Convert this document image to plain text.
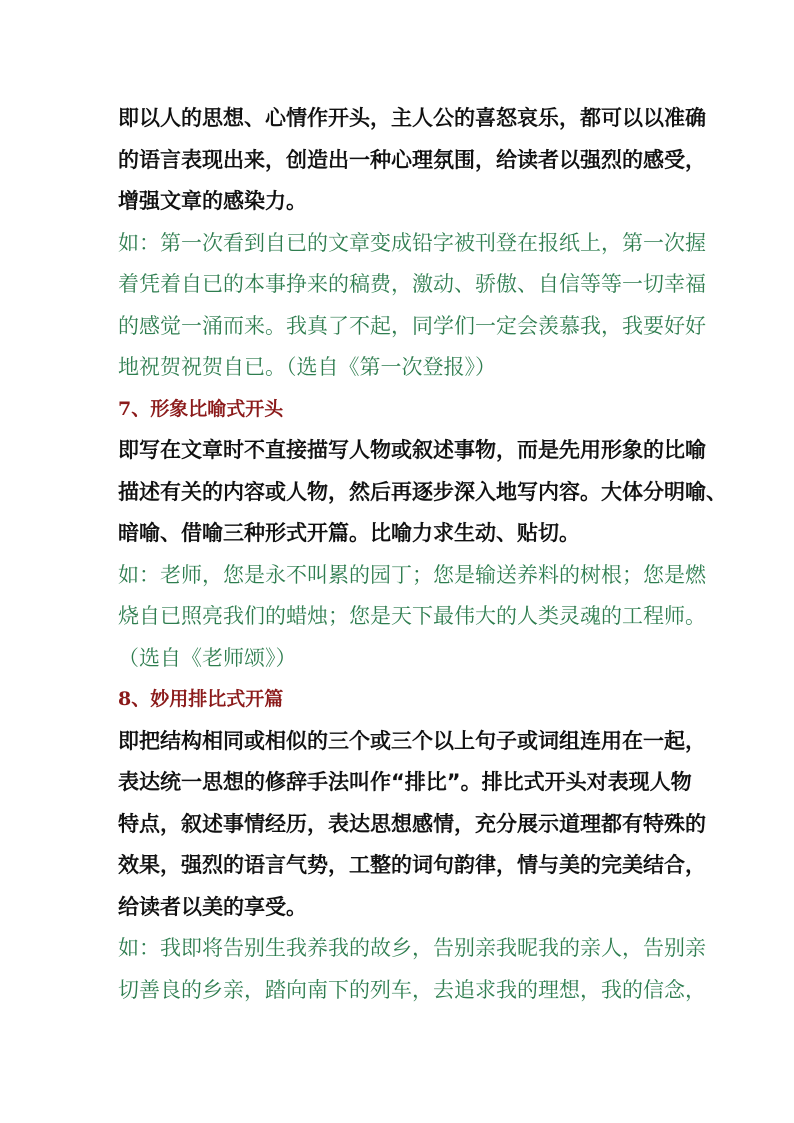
即以人的思想、心情作开头，主人公的喜怒哀乐，都可以以准确

的语言表现出来，创造出一种心理氛围，给读者以强烈的感受，

增强文章的感染力。

如：第一次看到自已的文章变成铅字被刊登在报纸上，第一次握

着凭着自已的本事挣来的稿费，激动、骄傲、自信等等一切幸福

的感觉一涌而来。我真了不起，同学们一定会羡慕我，我要好好

地祝贺祝贺自已。（选自《第一次登报》）

7、形象比喻式开头

即写在文章时不直接描写人物或叙述事物，而是先用形象的比喻

描述有关的内容或人物，然后再逐步深入地写内容。大体分明喻、

暗喻、借喻三种形式开篇。比喻力求生动、贴切。

如：老师，您是永不叫累的园丁；您是输送养料的树根；您是燃

烧自已照亮我们的蜡烛；您是天下最伟大的人类灵魂的工程师。

（选自《老师颂》）

8、妙用排比式开篇

即把结构相同或相似的三个或三个以上句子或词组连用在一起，

表达统一思想的修辞手法叫作“排比”。排比式开头对表现人物

特点，叙述事情经历，表达思想感情，充分展示道理都有特殊的

效果，强烈的语言气势，工整的词句韵律，情与美的完美结合，

给读者以美的享受。

如：我即将告别生我养我的故乡，告别亲我昵我的亲人，告别亲

切善良的乡亲，踏向南下的列车，去追求我的理想，我的信念，
